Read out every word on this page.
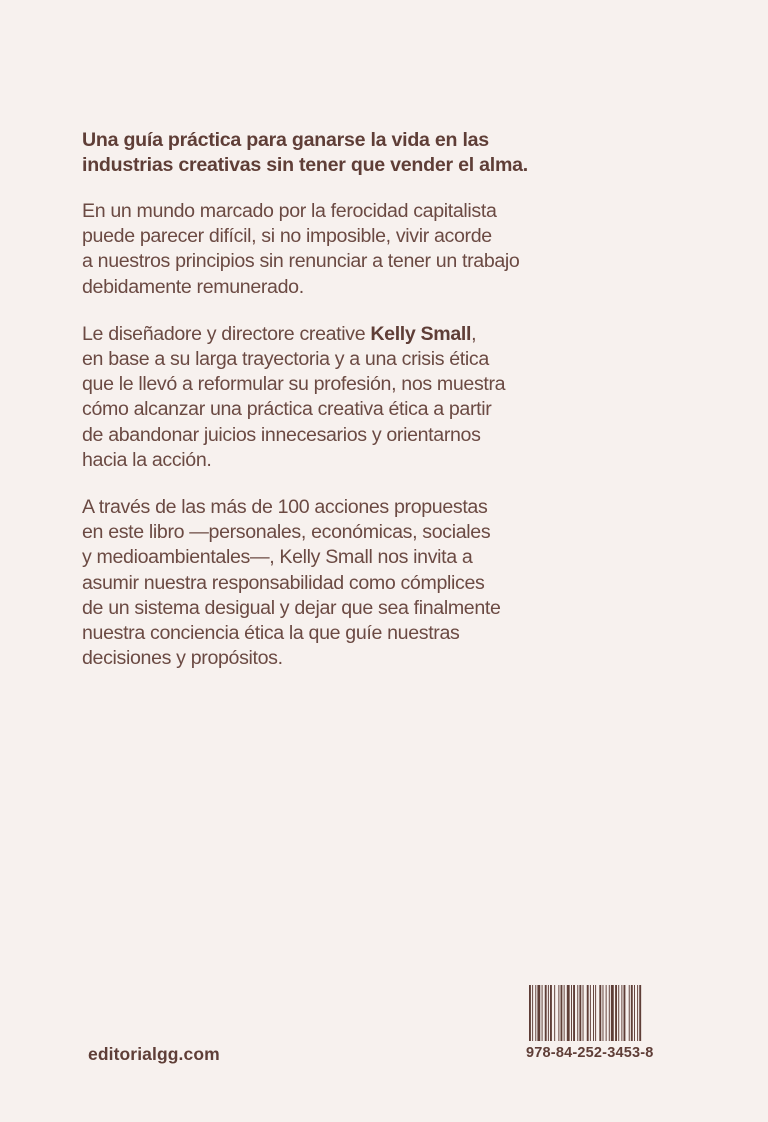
Una guía práctica para ganarse la vida en las
industrias creativas sin tener que vender el alma.

En un mundo marcado por la ferocidad capitalista
puede parecer difícil, si no imposible, vivir acorde
a nuestros principios sin renunciar a tener un trabajo
debidamente remunerado.

Le diseñadore y directore creative Kelly Small,
en base a su larga trayectoria y a una crisis ética
que le llevó a reformular su profesión, nos muestra
cómo alcanzar una práctica creativa ética a partir
de abandonar juicios innecesarios y orientarnos
hacia la acción.

A través de las más de 100 acciones propuestas
en este libro —personales, económicas, sociales
y medioambientales—, Kelly Small nos invita a
asumir nuestra responsabilidad como cómplices
de un sistema desigual y dejar que sea finalmente
nuestra conciencia ética la que guíe nuestras
decisiones y propósitos.

editorialgg.com	978-84-252-3453-8
